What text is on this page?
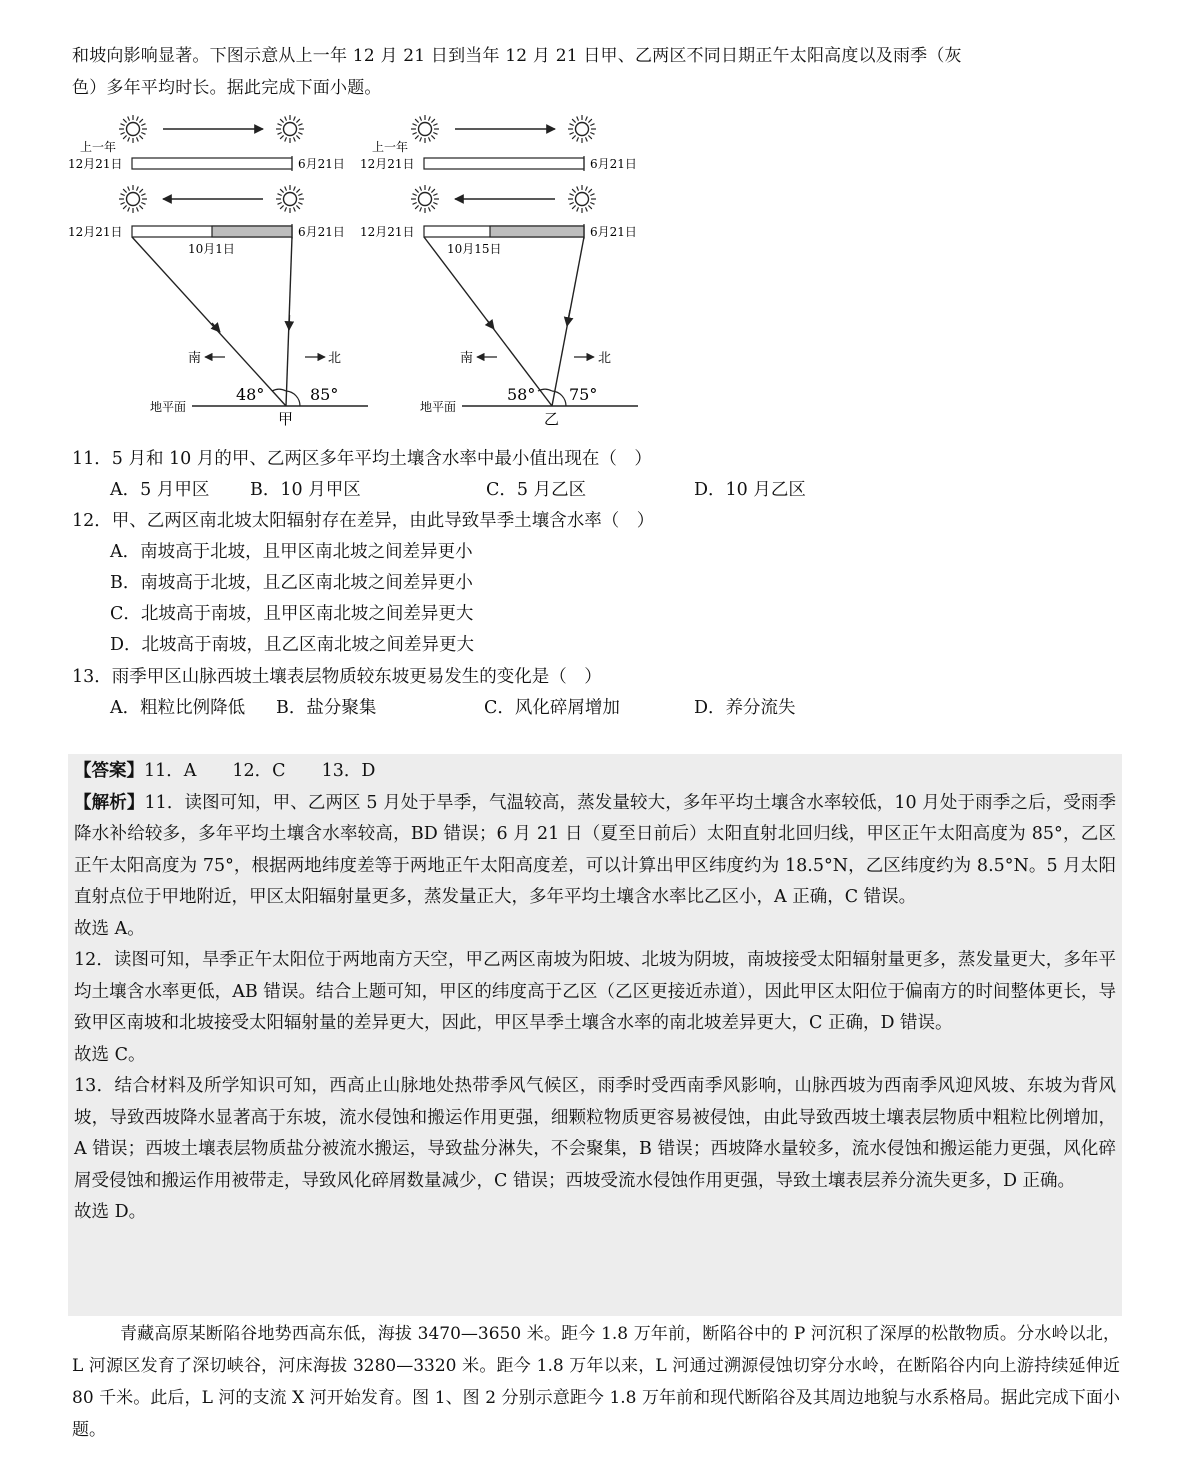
和坡向影响显著。下图示意从上一年 12 月 21 日到当年 12 月 21 日甲、乙两区不同日期正午太阳高度以及雨季（灰

色）多年平均时长。据此完成下面小题。

上一年
12月21日	6月21日
12月21日	6月21日
10月1日
南	北
48°	85°
地平面
甲
上一年
12月21日	6月21日
12月21日	6月21日
10月15日
南	北
58° 75°
地平面
乙

11．5 月和 10 月的甲、乙两区多年平均土壤含水率中最小值出现在（　）

A．5 月甲区	B．10 月甲区	C．5 月乙区	D．10 月乙区

12．甲、乙两区南北坡太阳辐射存在差异，由此导致旱季土壤含水率（　）

A．南坡高于北坡，且甲区南北坡之间差异更小

B．南坡高于北坡，且乙区南北坡之间差异更小

C．北坡高于南坡，且甲区南北坡之间差异更大

D．北坡高于南坡，且乙区南北坡之间差异更大

13．雨季甲区山脉西坡土壤表层物质较东坡更易发生的变化是（　）

A．粗粒比例降低	B．盐分聚集	C．风化碎屑增加	D．养分流失

【答案】11．A 12．C 13．D

【解析】11．读图可知，甲、乙两区 5 月处于旱季，气温较高，蒸发量较大，多年平均土壤含水率较低，10 月处于雨季之后，受雨季降水补给较多，多年平均土壤含水率较高，BD 错误；6 月 21 日（夏至日前后）太阳直射北回归线，甲区正午太阳高度为 85°，乙区正午太阳高度为 75°，根据两地纬度差等于两地正午太阳高度差，可以计算出甲区纬度约为 18.5°N，乙区纬度约为 8.5°N。5 月太阳直射点位于甲地附近，甲区太阳辐射量更多，蒸发量正大，多年平均土壤含水率比乙区小，A 正确，C 错误。

故选 A。

12．读图可知，旱季正午太阳位于两地南方天空，甲乙两区南坡为阳坡、北坡为阴坡，南坡接受太阳辐射量更多，蒸发量更大，多年平均土壤含水率更低，AB 错误。结合上题可知，甲区的纬度高于乙区（乙区更接近赤道），因此甲区太阳位于偏南方的时间整体更长，导致甲区南坡和北坡接受太阳辐射量的差异更大，因此，甲区旱季土壤含水率的南北坡差异更大，C 正确，D 错误。

故选 C。

13．结合材料及所学知识可知，西高止山脉地处热带季风气候区，雨季时受西南季风影响，山脉西坡为西南季风迎风坡、东坡为背风坡，导致西坡降水显著高于东坡，流水侵蚀和搬运作用更强，细颗粒物质更容易被侵蚀，由此导致西坡土壤表层物质中粗粒比例增加，A 错误；西坡土壤表层物质盐分被流水搬运，导致盐分淋失，不会聚集，B 错误；西坡降水量较多，流水侵蚀和搬运能力更强，风化碎屑受侵蚀和搬运作用被带走，导致风化碎屑数量减少，C 错误；西坡受流水侵蚀作用更强，导致土壤表层养分流失更多，D 正确。

故选 D。

青藏高原某断陷谷地势西高东低，海拔 3470—3650 米。距今 1.8 万年前，断陷谷中的 P 河沉积了深厚的松散物质。分水岭以北，L 河源区发育了深切峡谷，河床海拔 3280—3320 米。距今 1.8 万年以来，L 河通过溯源侵蚀切穿分水岭，在断陷谷内向上游持续延伸近 80 千米。此后，L 河的支流 X 河开始发育。图 1、图 2 分别示意距今 1.8 万年前和现代断陷谷及其周边地貌与水系格局。据此完成下面小题。
